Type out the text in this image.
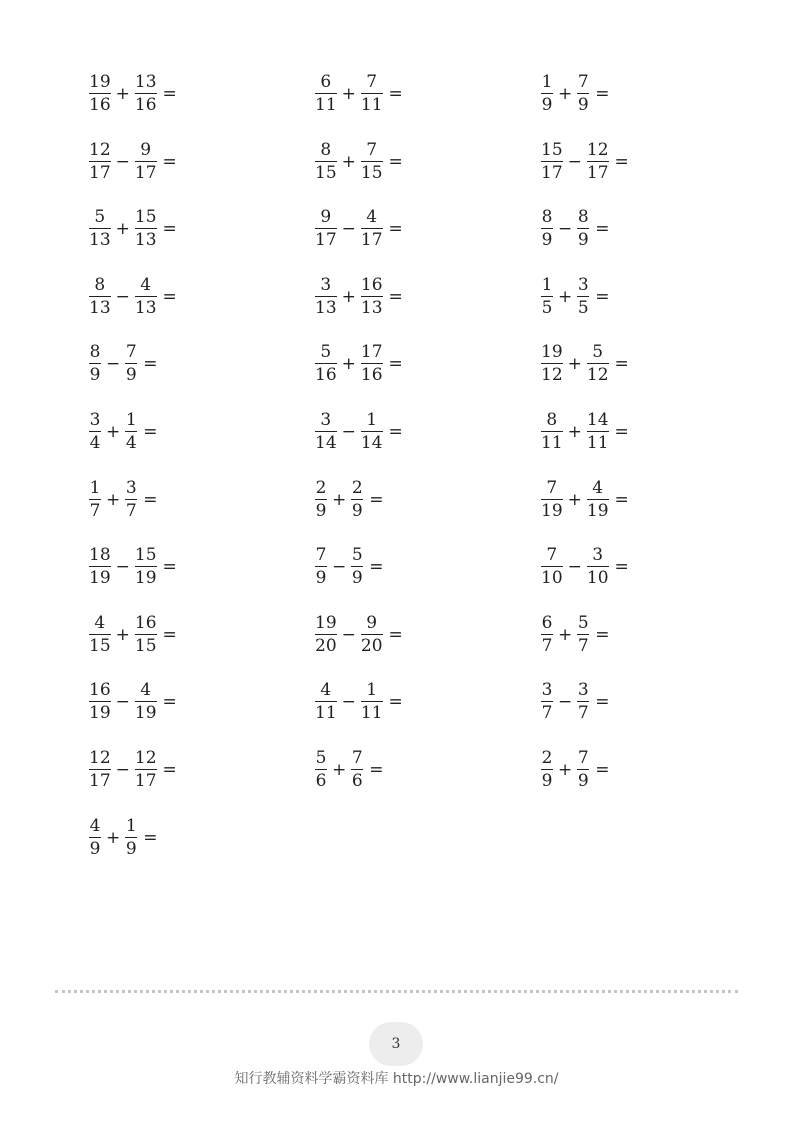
$\frac{19}{16} + \frac{13}{16}$ =	$\frac{6}{11} + \frac{7}{11}$ =	$\frac{1}{9} + \frac{7}{9}$ =
$\frac{12}{17} - \frac{9}{17}$ =	$\frac{8}{15} + \frac{7}{15}$ =	$\frac{15}{17} - \frac{12}{17}$ =
$\frac{5}{13} + \frac{15}{13}$ =	$\frac{9}{17} - \frac{4}{17}$ =	$\frac{8}{9} - \frac{8}{9}$ =
$\frac{8}{13} - \frac{4}{13}$ =	$\frac{3}{13} + \frac{16}{13}$ =	$\frac{1}{5} + \frac{3}{5}$ =
$\frac{8}{9} - \frac{7}{9}$ =	$\frac{5}{16} + \frac{17}{16}$ =	$\frac{19}{12} + \frac{5}{12}$ =
$\frac{3}{4} + \frac{1}{4}$ =	$\frac{3}{14} - \frac{1}{14}$ =	$\frac{8}{11} + \frac{14}{11}$ =
$\frac{1}{7} + \frac{3}{7}$ =	$\frac{2}{9} + \frac{2}{9}$ =	$\frac{7}{19} + \frac{4}{19}$ =
$\frac{18}{19} - \frac{15}{19}$ =	$\frac{7}{9} - \frac{5}{9}$ =	$\frac{7}{10} - \frac{3}{10}$ =
$\frac{4}{15} + \frac{16}{15}$ =	$\frac{19}{20} - \frac{9}{20}$ =	$\frac{6}{7} + \frac{5}{7}$ =
$\frac{16}{19} - \frac{4}{19}$ =	$\frac{4}{11} - \frac{1}{11}$ =	$\frac{3}{7} - \frac{3}{7}$ =
$\frac{12}{17} - \frac{12}{17}$ =	$\frac{5}{6} + \frac{7}{6}$ =	$\frac{2}{9} + \frac{7}{9}$ =
$\frac{4}{9} + \frac{1}{9}$ =
3
知行教辅资料学霸资料库 http://www.lianjie99.cn/
